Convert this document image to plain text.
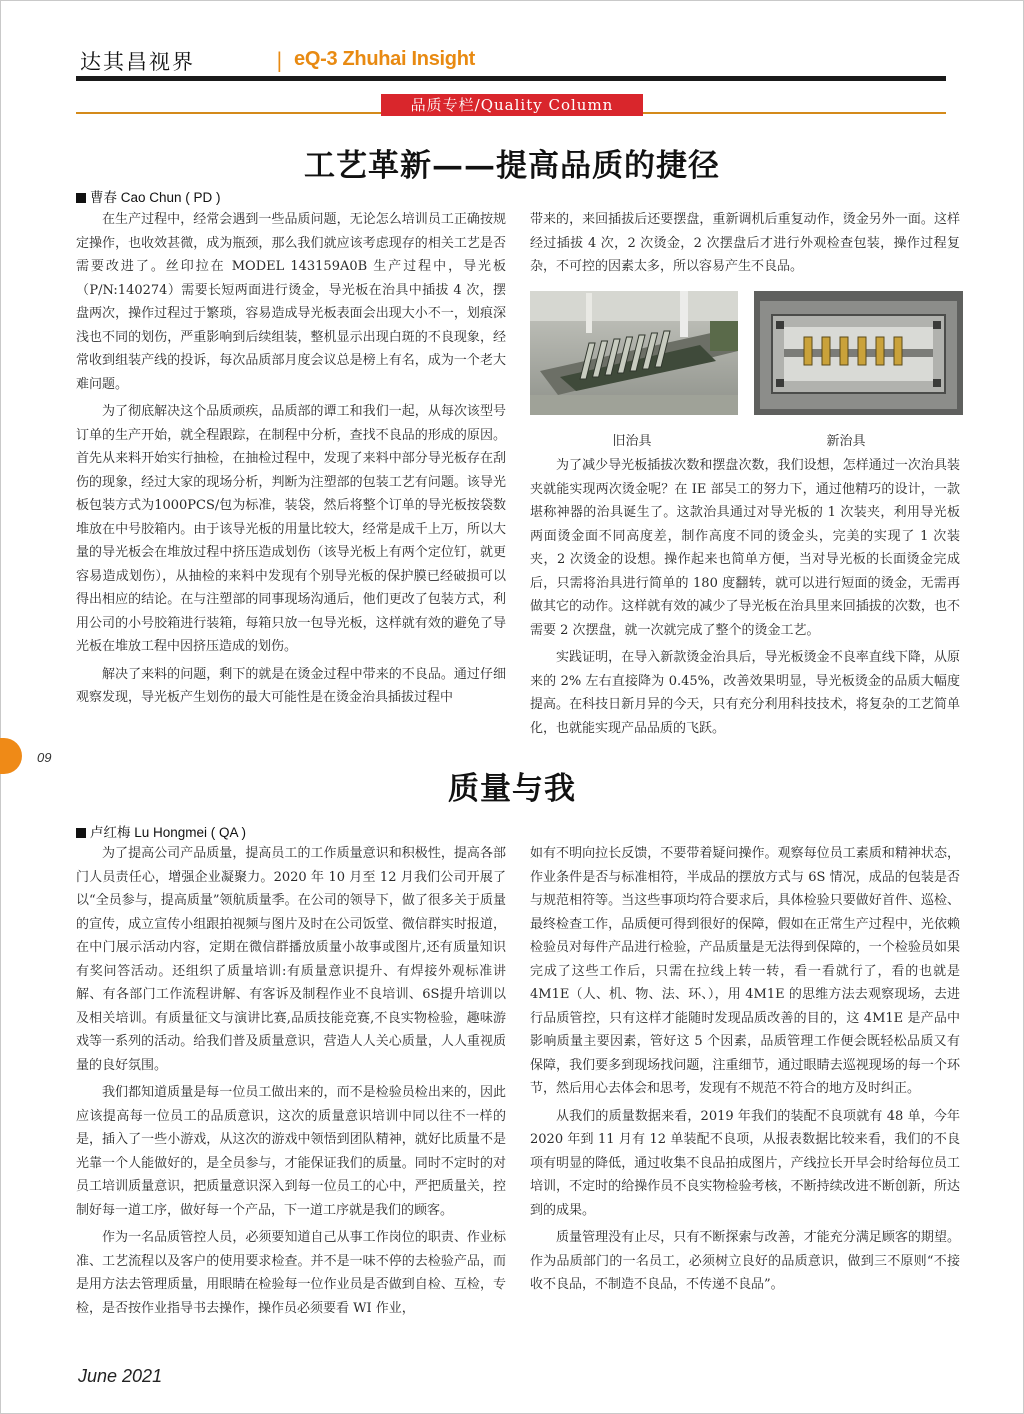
达其昌视界	| eQ-3 Zhuhai Insight
品质专栏/Quality Column
工艺革新——提高品质的捷径
曹春 Cao Chun ( PD )

在生产过程中，经常会遇到一些品质问题，无论怎么培训员工正确按规定操作，也收效甚微，成为瓶颈，那么我们就应该考虑现存的相关工艺是否需要改进了。丝印拉在 MODEL 143159A0B 生产过程中，导光板（P/N:140274）需要长短两面进行烫金，导光板在治具中插拔 4 次，摆盘两次，操作过程过于繁琐，容易造成导光板表面会出现大小不一，划痕深浅也不同的划伤，严重影响到后续组装，整机显示出现白斑的不良现象，经常收到组装产线的投诉，每次品质部月度会议总是榜上有名，成为一个老大难问题。

为了彻底解决这个品质顽疾，品质部的谭工和我们一起，从每次该型号订单的生产开始，就全程跟踪，在制程中分析，查找不良品的形成的原因。首先从来料开始实行抽检，在抽检过程中，发现了来料中部分导光板存在刮伤的现象，经过大家的现场分析，判断为注塑部的包装工艺有问题。该导光板包装方式为1000PCS/包为标准，装袋，然后将整个订单的导光板按袋数堆放在中号胶箱内。由于该导光板的用量比较大，经常是成千上万，所以大量的导光板会在堆放过程中挤压造成划伤（该导光板上有两个定位钉，就更容易造成划伤），从抽检的来料中发现有个别导光板的保护膜已经破损可以得出相应的结论。在与注塑部的同事现场沟通后，他们更改了包装方式，利用公司的小号胶箱进行装箱，每箱只放一包导光板，这样就有效的避免了导光板在堆放工程中因挤压造成的划伤。

解决了来料的问题，剩下的就是在烫金过程中带来的不良品。通过仔细观察发现，导光板产生划伤的最大可能性是在烫金治具插拔过程中

带来的，来回插拔后还要摆盘，重新调机后重复动作，烫金另外一面。这样经过插拔 4 次，2 次烫金，2 次摆盘后才进行外观检查包装，操作过程复杂，不可控的因素太多，所以容易产生不良品。

旧治具	新治具

为了减少导光板插拔次数和摆盘次数，我们设想，怎样通过一次治具装夹就能实现两次烫金呢？在 IE 部吴工的努力下，通过他精巧的设计，一款堪称神器的治具诞生了。这款治具通过对导光板的 1 次装夹，利用导光板两面烫金面不同高度差，制作高度不同的烫金头，完美的实现了 1 次装夹，2 次烫金的设想。操作起来也简单方便，当对导光板的长面烫金完成后，只需将治具进行简单的 180 度翻转，就可以进行短面的烫金，无需再做其它的动作。这样就有效的减少了导光板在治具里来回插拔的次数，也不需要 2 次摆盘，就一次就完成了整个的烫金工艺。

实践证明，在导入新款烫金治具后，导光板烫金不良率直线下降，从原来的 2% 左右直接降为 0.45%，改善效果明显，导光板烫金的品质大幅度提高。在科技日新月异的今天，只有充分利用科技技术，将复杂的工艺简单化，也就能实现产品品质的飞跃。

09
质量与我
卢红梅 Lu Hongmei ( QA )

为了提高公司产品质量，提高员工的工作质量意识和积极性，提高各部门人员责任心，增强企业凝聚力。2020 年 10 月至 12 月我们公司开展了以“全员参与，提高质量”领航质量季。在公司的领导下，做了很多关于质量的宣传，成立宣传小组跟拍视频与图片及时在公司饭堂、微信群实时报道，在中门展示活动内容，定期在微信群播放质量小故事或图片,还有质量知识有奖问答活动。还组织了质量培训:有质量意识提升、有焊接外观标准讲解、有各部门工作流程讲解、有客诉及制程作业不良培训、6S提升培训以及相关培训。有质量征文与演讲比赛,品质技能竞赛,不良实物检验，趣味游戏等一系列的活动。给我们普及质量意识，营造人人关心质量，人人重视质量的良好氛围。

我们都知道质量是每一位员工做出来的，而不是检验员检出来的，因此应该提高每一位员工的品质意识，这次的质量意识培训中同以往不一样的是，插入了一些小游戏，从这次的游戏中领悟到团队精神，就好比质量不是光靠一个人能做好的，是全员参与，才能保证我们的质量。同时不定时的对员工培训质量意识，把质量意识深入到每一位员工的心中，严把质量关，控制好每一道工序，做好每一个产品，下一道工序就是我们的顾客。

作为一名品质管控人员，必须要知道自己从事工作岗位的职责、作业标准、工艺流程以及客户的使用要求检查。并不是一味不停的去检验产品，而是用方法去管理质量，用眼睛在检验每一位作业员是否做到自检、互检，专检，是否按作业指导书去操作，操作员必须要看 WI 作业，

如有不明向拉长反馈，不要带着疑问操作。观察每位员工素质和精神状态，作业条件是否与标准相符，半成品的摆放方式与 6S 情况，成品的包装是否与规范相符等。当这些事项均符合要求后，具体检验只要做好首件、巡检、最终检查工作，品质便可得到很好的保障，假如在正常生产过程中，光依赖检验员对每件产品进行检验，产品质量是无法得到保障的，一个检验员如果完成了这些工作后，只需在拉线上转一转，看一看就行了，看的也就是 4M1E（人、机、物、法、环、），用 4M1E 的思维方法去观察现场，去进行品质管控，只有这样才能随时发现品质改善的目的，这 4M1E 是产品中影响质量主要因素，管好这 5 个因素，品质管理工作便会既轻松品质又有保障，我们要多到现场找问题，注重细节，通过眼睛去巡视现场的每一个环节，然后用心去体会和思考，发现有不规范不符合的地方及时纠正。

从我们的质量数据来看，2019 年我们的装配不良项就有 48 单，今年 2020 年到 11 月有 12 单装配不良项，从报表数据比较来看，我们的不良项有明显的降低，通过收集不良品拍成图片，产线拉长开早会时给每位员工培训，不定时的给操作员不良实物检验考核，不断持续改进不断创新，所达到的成果。

质量管理没有止尽，只有不断探索与改善，才能充分满足顾客的期望。作为品质部门的一名员工，必须树立良好的品质意识，做到三不原则“不接收不良品，不制造不良品，不传递不良品”。

June 2021
